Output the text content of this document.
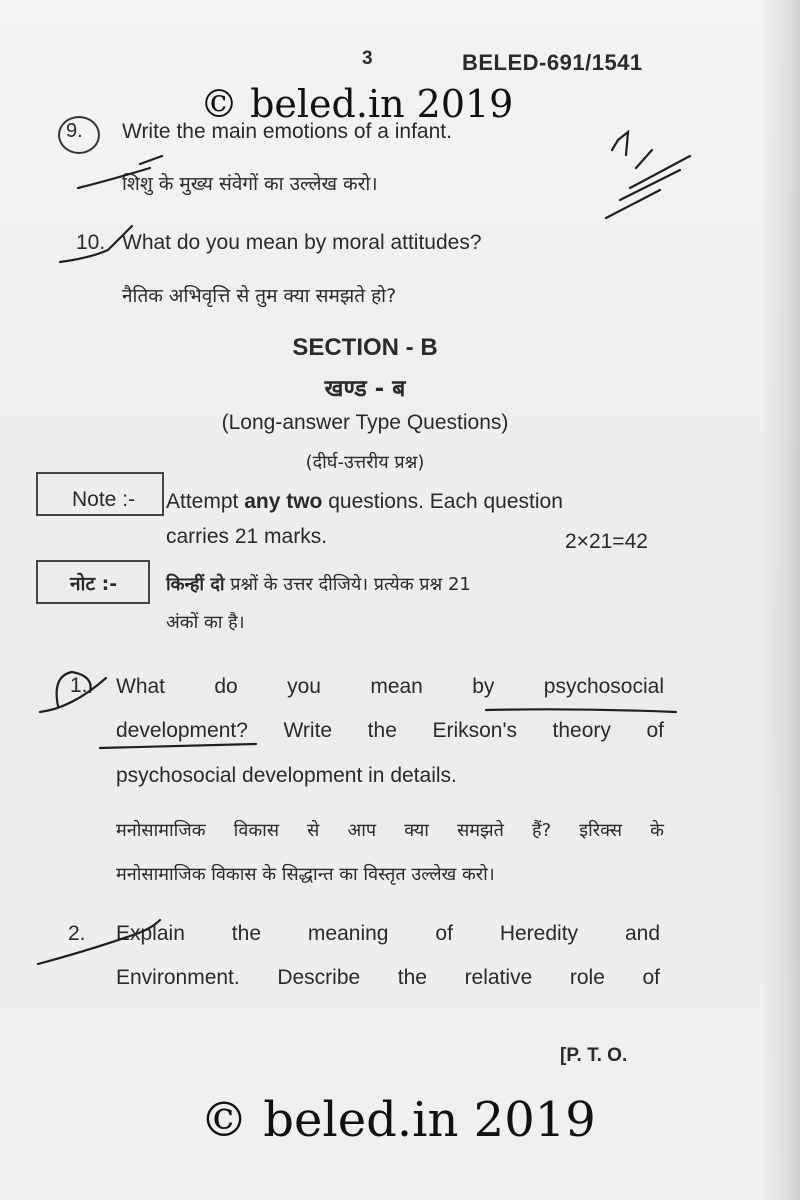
3	BELED-691/1541
© beled.in 2019
9. Write the main emotions of a infant.
शिशु के मुख्य संवेगों का उल्लेख करो।
10. What do you mean by moral attitudes?
नैतिक अभिवृत्ति से तुम क्या समझते हो?
SECTION - B
खण्ड - ब
(Long-answer Type Questions)
(दीर्घ-उत्तरीय प्रश्न)
Note :- Attempt any two questions. Each question
carries 21 marks.	2×21=42
नोट :-	किन्हीं दो प्रश्नों के उत्तर दीजिये। प्रत्येक प्रश्न 21
अंकों का है।
1. What do you mean by psychosocial
development? Write the Erikson's theory of
psychosocial development in details.
मनोसामाजिक विकास से आप क्या समझते हैं? इरिक्स के
मनोसामाजिक विकास के सिद्धान्त का विस्तृत उल्लेख करो।
2. Explain the meaning of Heredity and
Environment. Describe the relative role of
[P. T. O.
© beled.in 2019
